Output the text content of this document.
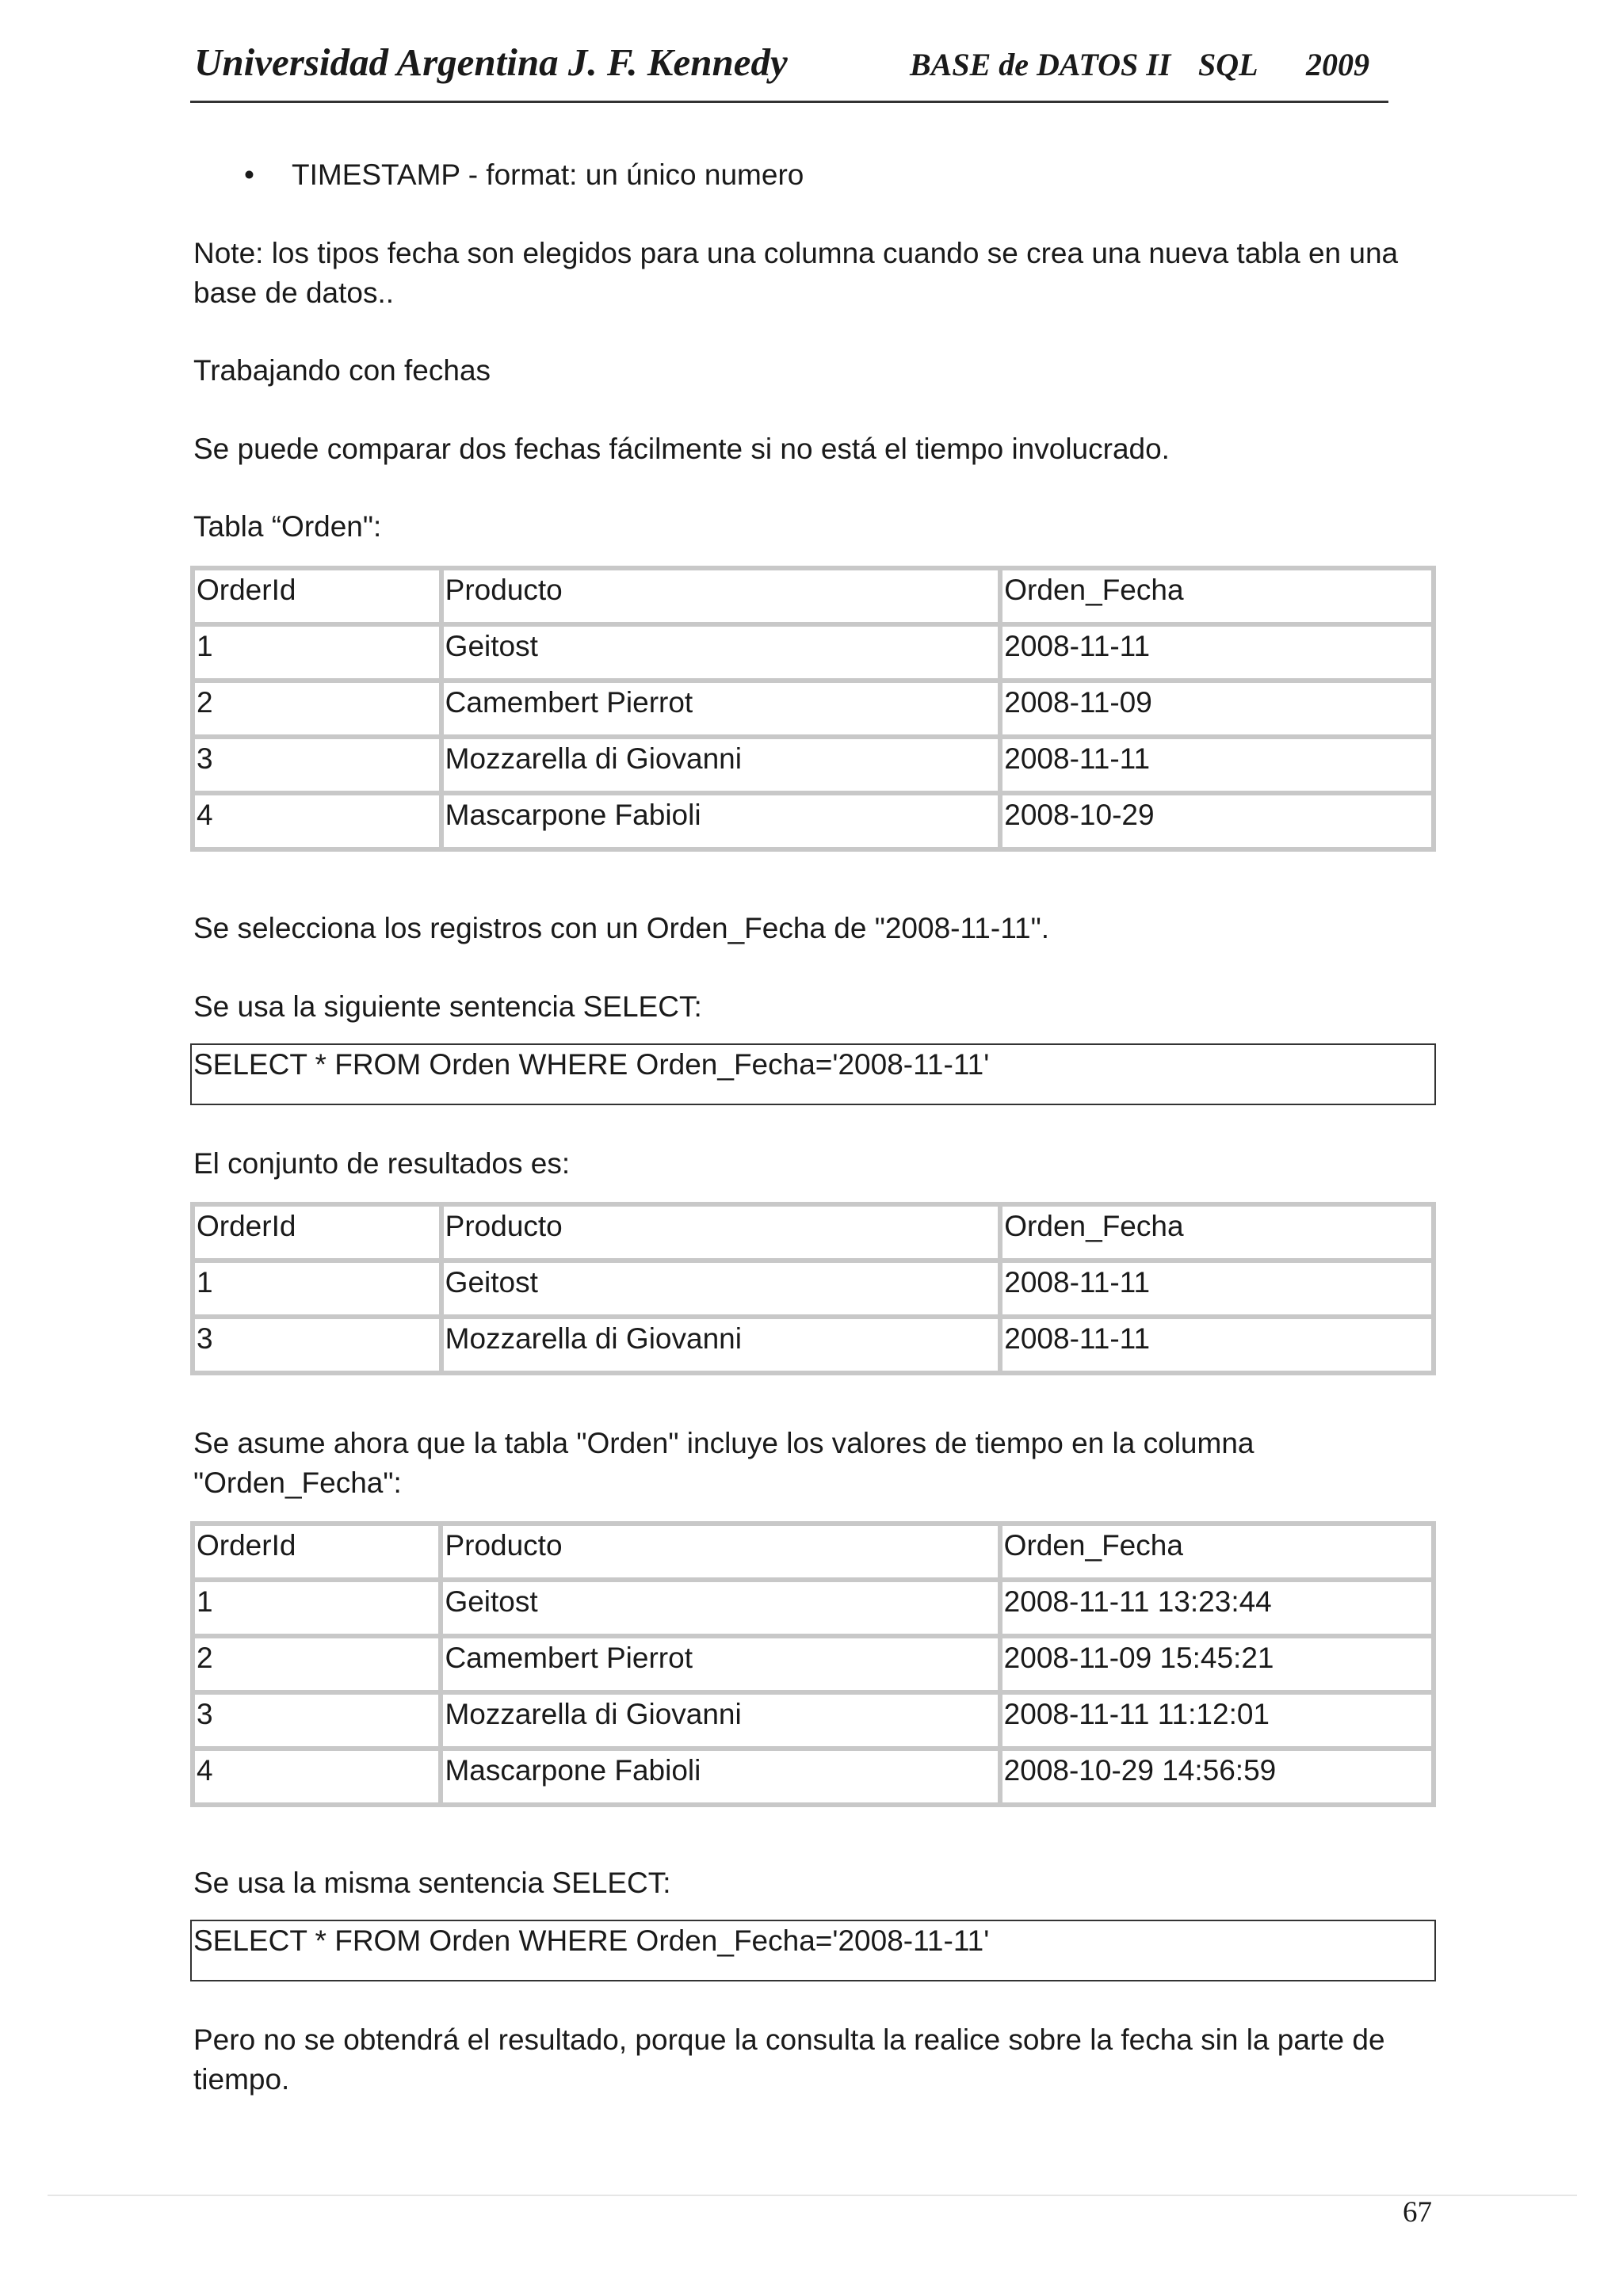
Universidad Argentina J. F. Kennedy	BASE de DATOS II SQL 2009
• TIMESTAMP - format: un único numero
Note: los tipos fecha son elegidos para una columna cuando se crea una nueva tabla en una
base de datos..
Trabajando con fechas
Se puede comparar dos fechas fácilmente si no está el tiempo involucrado.
Tabla “Orden":
OrderId	Producto	Orden_Fecha
1	Geitost	2008-11-11
2	Camembert Pierrot	2008-11-09
3	Mozzarella di Giovanni	2008-11-11
4	Mascarpone Fabioli	2008-10-29
Se selecciona los registros con un Orden_Fecha de "2008-11-11".
Se usa la siguiente sentencia SELECT:
SELECT * FROM Orden WHERE Orden_Fecha='2008-11-11'
El conjunto de resultados es:
OrderId	Producto	Orden_Fecha
1	Geitost	2008-11-11
3	Mozzarella di Giovanni	2008-11-11
Se asume ahora que la tabla "Orden" incluye los valores de tiempo en la columna
"Orden_Fecha":
OrderId	Producto	Orden_Fecha
1	Geitost	2008-11-11 13:23:44
2	Camembert Pierrot	2008-11-09 15:45:21
3	Mozzarella di Giovanni	2008-11-11 11:12:01
4	Mascarpone Fabioli	2008-10-29 14:56:59
Se usa la misma sentencia SELECT:
SELECT * FROM Orden WHERE Orden_Fecha='2008-11-11'
Pero no se obtendrá el resultado, porque la consulta la realice sobre la fecha sin la parte de
tiempo.
67
